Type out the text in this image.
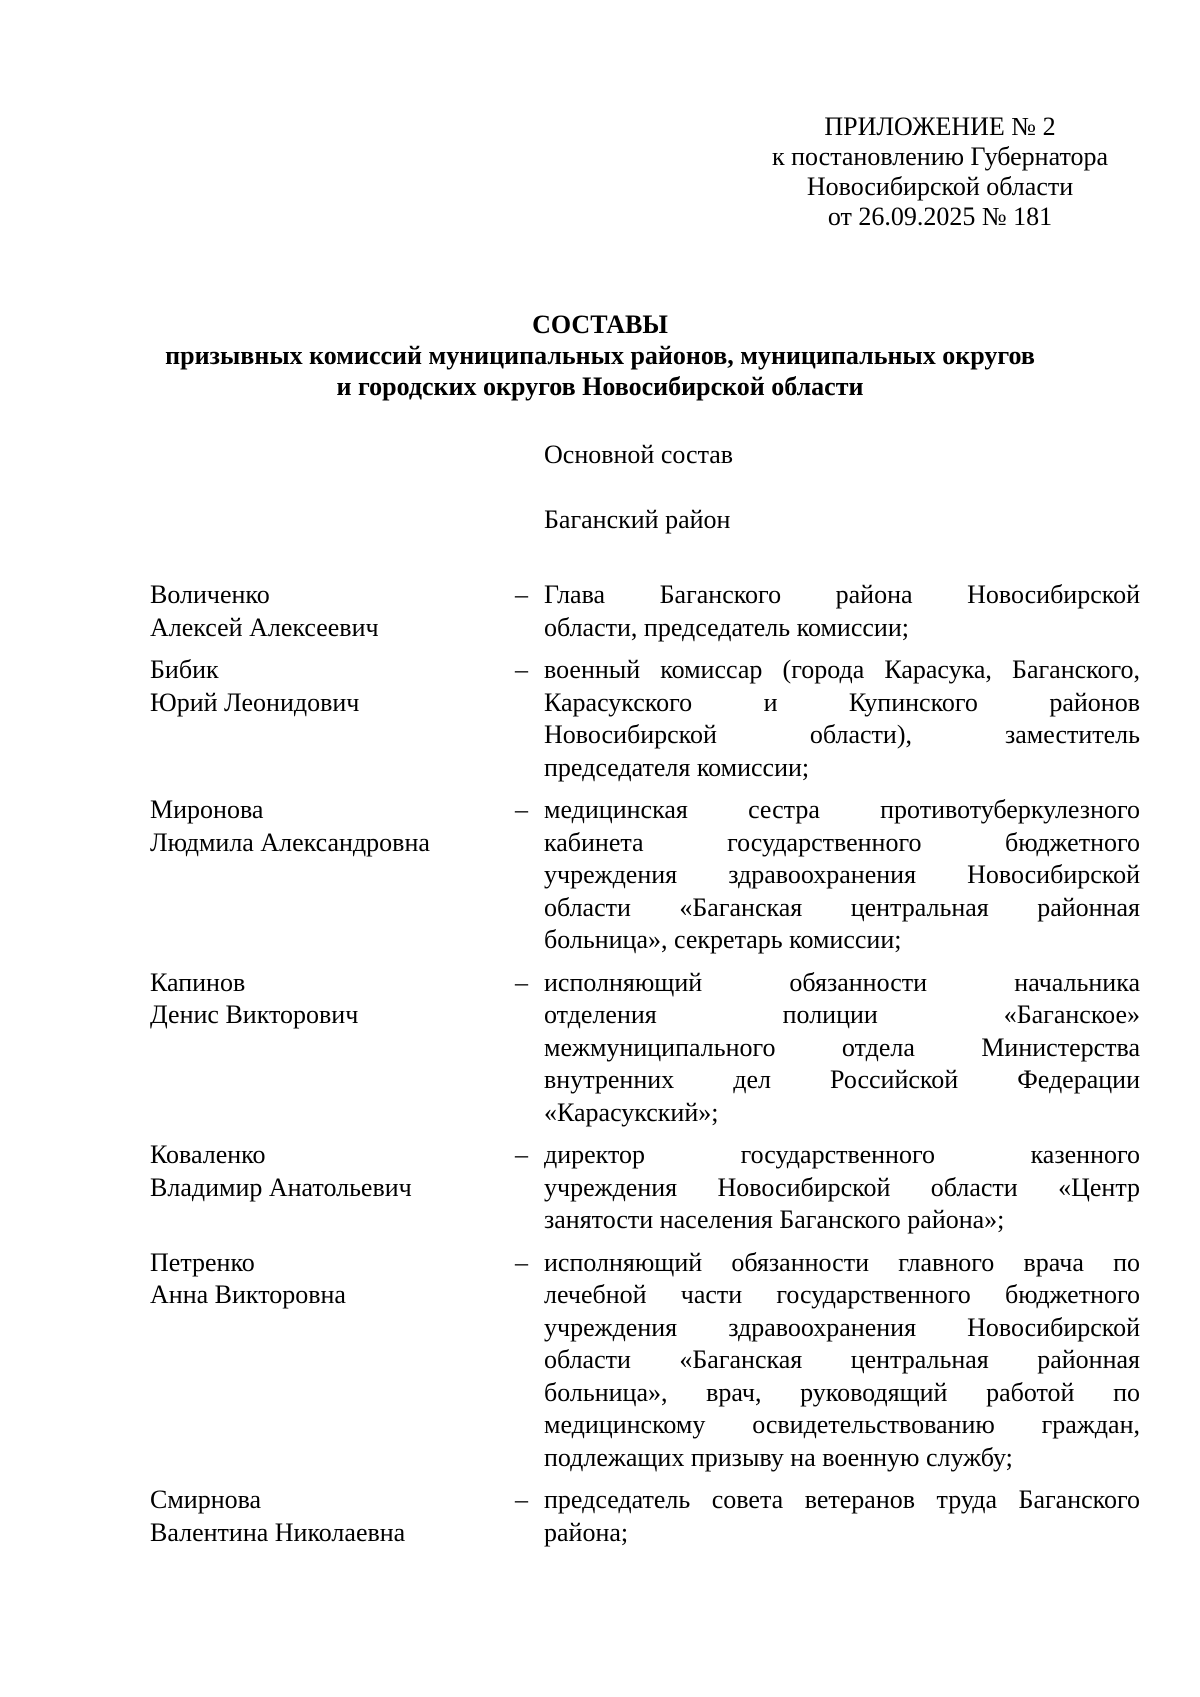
ПРИЛОЖЕНИЕ № 2
к постановлению Губернатора
Новосибирской области
от 26.09.2025 № 181
СОСТАВЫ
призывных комиссий муниципальных районов, муниципальных округов
и городских округов Новосибирской области
Основной состав
Баганский район
Воличенко
Алексей Алексеевич
– Глава Баганского района Новосибирской
области, председатель комиссии;
Бибик
Юрий Леонидович
– военный комиссар (города Карасука, Баганского,
Карасукского и Купинского районов
Новосибирской области), заместитель
председателя комиссии;
Миронова
Людмила Александровна
– медицинская сестра противотуберкулезного
кабинета государственного бюджетного
учреждения здравоохранения Новосибирской
области «Баганская центральная районная
больница», секретарь комиссии;
Капинов
Денис Викторович
– исполняющий обязанности начальника
отделения полиции «Баганское»
межмуниципального отдела Министерства
внутренних дел Российской Федерации
«Карасукский»;
Коваленко
Владимир Анатольевич
– директор государственного казенного
учреждения Новосибирской области «Центр
занятости населения Баганского района»;
Петренко
Анна Викторовна
– исполняющий обязанности главного врача по
лечебной части государственного бюджетного
учреждения здравоохранения Новосибирской
области «Баганская центральная районная
больница», врач, руководящий работой по
медицинскому освидетельствованию граждан,
подлежащих призыву на военную службу;
Смирнова
Валентина Николаевна
– председатель совета ветеранов труда Баганского
района;
